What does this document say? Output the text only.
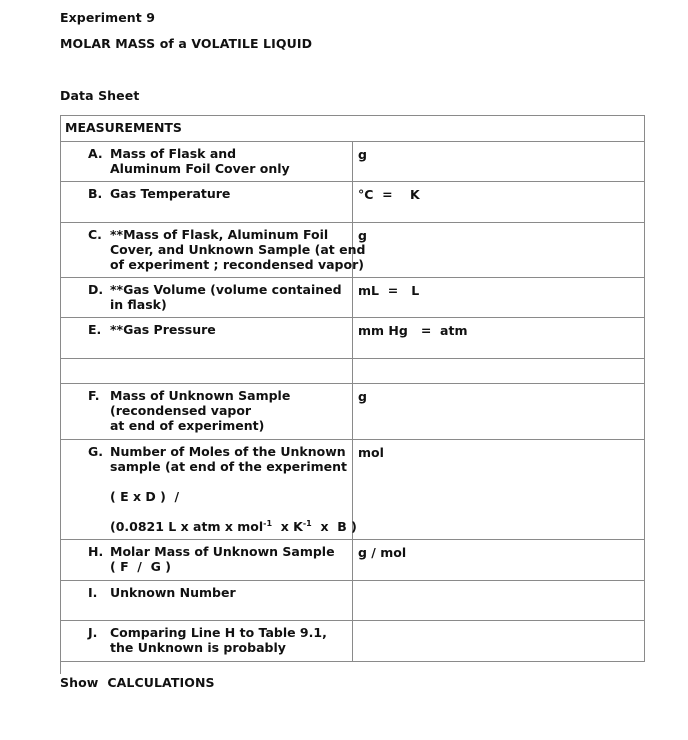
Experiment 9
MOLAR MASS of a VOLATILE LIQUID
Data Sheet
MEASUREMENTS	

A. Mass of Flask and
Aluminum Foil Cover only	g

B. Gas Temperature	°C  =    K

C. **Mass of Flask, Aluminum Foil
Cover, and Unknown Sample (at end
of experiment ; recondensed vapor)	g

D. **Gas Volume (volume contained
in flask)	mL  =   L

E. **Gas Pressure	mm Hg   =  atm

F. Mass of Unknown Sample
(recondensed vapor
at end of experiment)	g

G. Number of Moles of the Unknown
sample (at end of the experiment
( E x D )  /
(0.0821 L x atm x mol$^{-1}$  x $K^{-1}$  x  B )	mol

H. Molar Mass of Unknown Sample
( F  /  G )	g / mol

I. Unknown Number	

J. Comparing Line H to Table 9.1,
the Unknown is probably	

Show  CALCULATIONS
